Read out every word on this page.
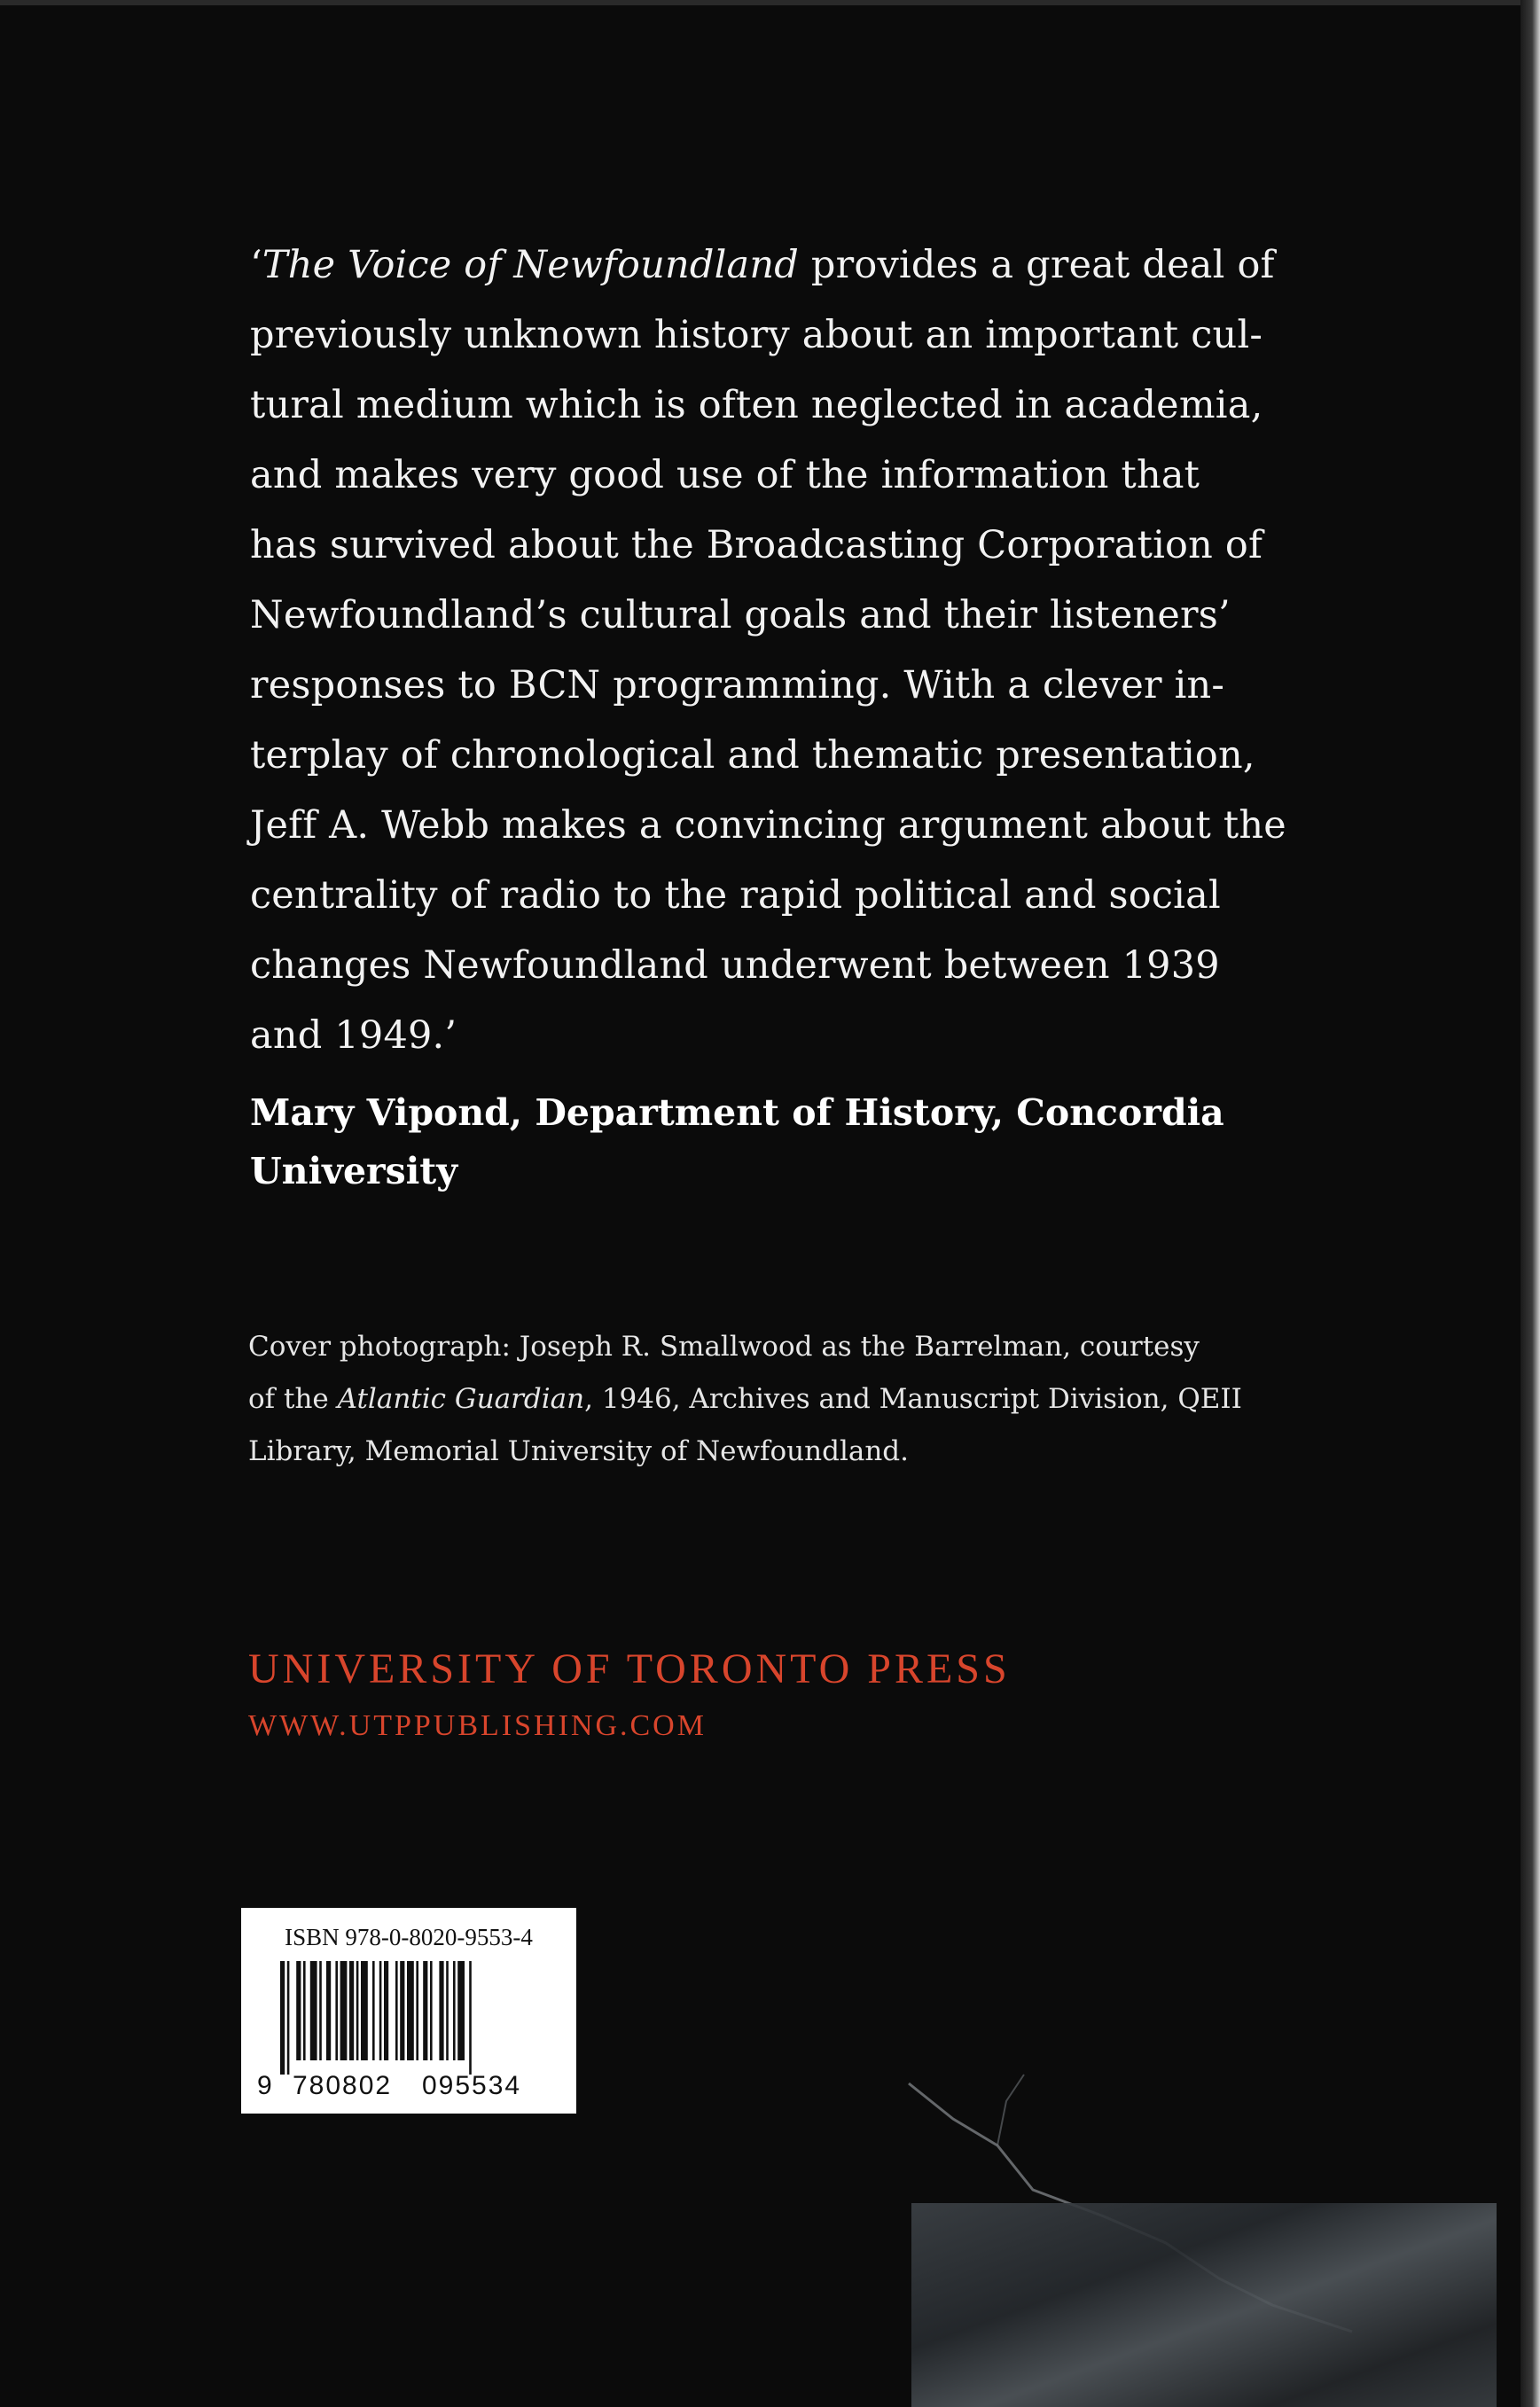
‘The Voice of Newfoundland provides a great deal of
previously unknown history about an important cul-
tural medium which is often neglected in academia,
and makes very good use of the information that
has survived about the Broadcasting Corporation of
Newfoundland’s cultural goals and their listeners’
responses to BCN programming. With a clever in-
terplay of chronological and thematic presentation,
Jeff A. Webb makes a convincing argument about the
centrality of radio to the rapid political and social
changes Newfoundland underwent between 1939
and 1949.’
Mary Vipond, Department of History, Concordia
University
Cover photograph: Joseph R. Smallwood as the Barrelman, courtesy
of the Atlantic Guardian, 1946, Archives and Manuscript Division, QEII
Library, Memorial University of Newfoundland.
UNIVERSITY OF TORONTO PRESS
WWW.UTPPUBLISHING.COM
ISBN 978-0-8020-9553-4
9 780802 095534
